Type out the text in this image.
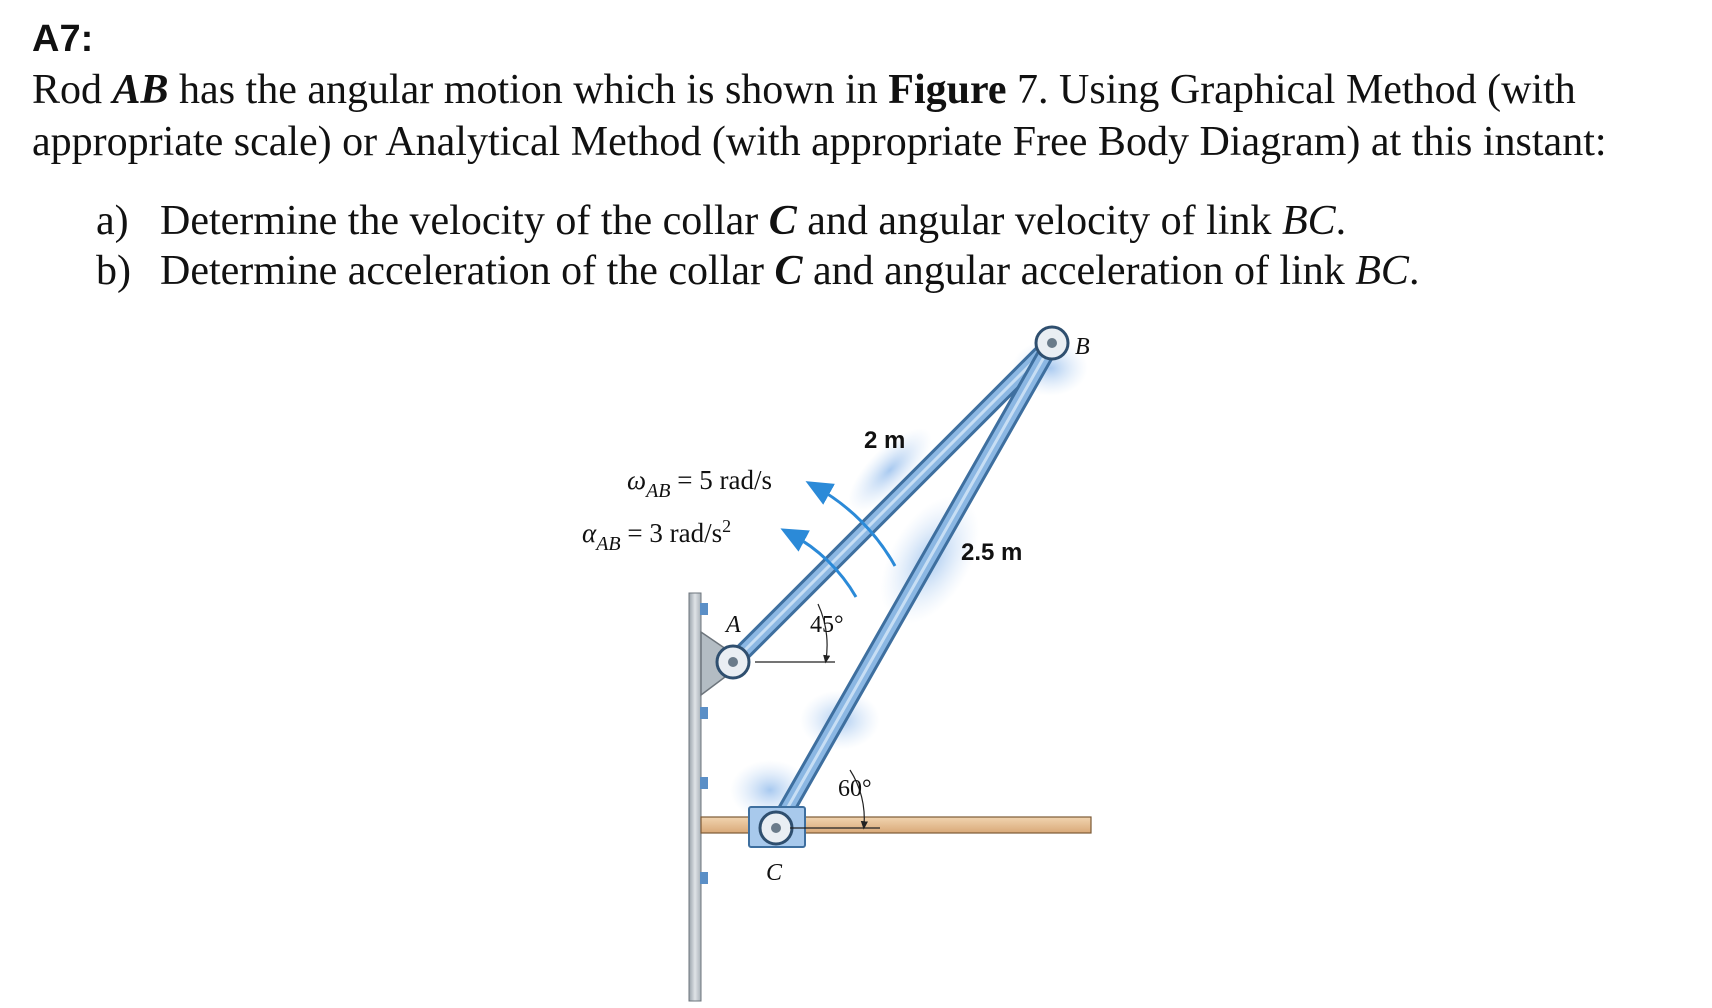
A7:

Rod AB has the angular motion which is shown in Figure 7. Using Graphical Method (with appropriate scale) or Analytical Method (with appropriate Free Body Diagram) at this instant:

a) Determine the velocity of the collar C and angular velocity of link BC.
b) Determine acceleration of the collar C and angular acceleration of link BC.
B
A
C
2 m
2.5 m
45°
60°
$\omega_{AB} = 5$ rad/s
$\alpha_{AB} = 3$ rad/$s^2$
